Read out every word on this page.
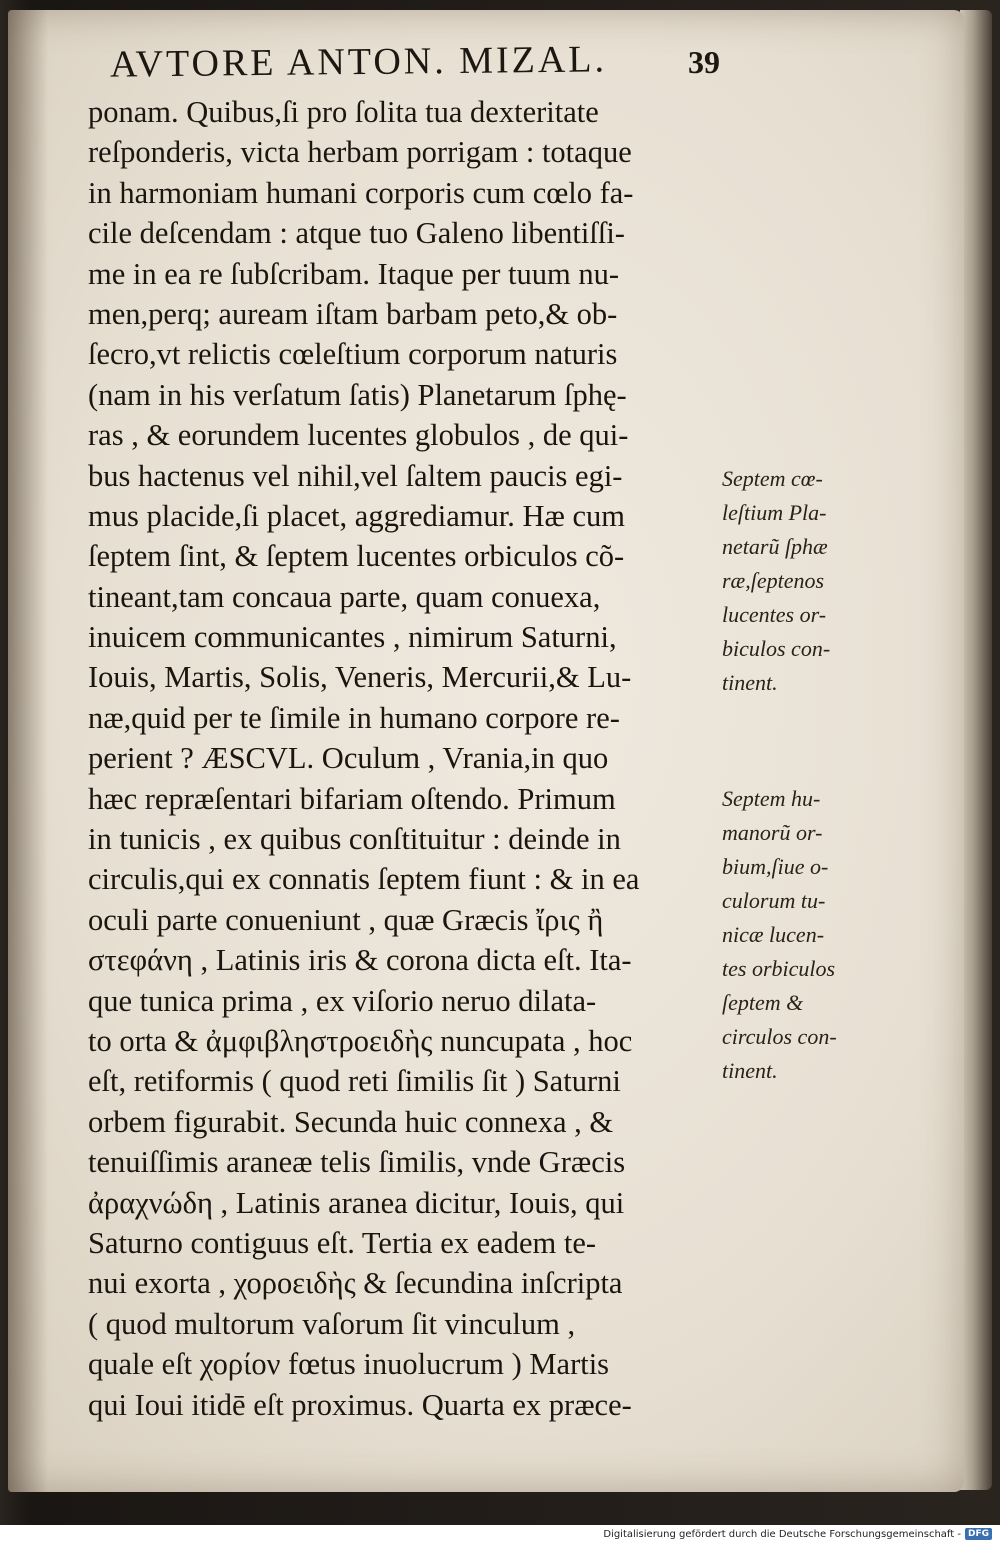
AVTORE ANTON. MIZAL.	39
ponam. Quibus,ſi pro ſolita tua dexteritate
reſponderis, victa herbam porrigam : totaque
in harmoniam humani corporis cum cœlo fa-
cile deſcendam : atque tuo Galeno libentiſſi-
me in ea re ſubſcribam. Itaque per tuum nu-
men,perq; auream iſtam barbam peto,& ob-
ſecro,vt relictis cœleſtium corporum naturis
(nam in his verſatum ſatis) Planetarum ſphę-
ras , & eorundem lucentes globulos , de qui-
bus hactenus vel nihil,vel ſaltem paucis egi-
mus placide,ſi placet, aggrediamur. Hæ cum
ſeptem ſint, & ſeptem lucentes orbiculos cõ-
tineant,tam concaua parte, quam conuexa,
inuicem communicantes , nimirum Saturni,
Iouis, Martis, Solis, Veneris, Mercurii,& Lu-
næ,quid per te ſimile in humano corpore re-
perient ? ÆSCVL. Oculum , Vrania,in quo
hæc repræſentari bifariam oſtendo. Primum
in tunicis , ex quibus conſtituitur : deinde in
circulis,qui ex connatis ſeptem fiunt : & in ea
oculi parte conueniunt , quæ Græcis ἴρις ἢ
στεφάνη , Latinis iris & corona dicta eſt. Ita-
que tunica prima , ex viſorio neruo dilata-
to orta & ἀμφιβληστροειδὴς nuncupata , hoc
eſt, retiformis ( quod reti ſimilis ſit ) Saturni
orbem figurabit. Secunda huic connexa , &
tenuiſſimis araneæ telis ſimilis, vnde Græcis
ἀραχνώδη , Latinis aranea dicitur, Iouis, qui
Saturno contiguus eſt. Tertia ex eadem te-
nui exorta , χοροειδὴς & ſecundina inſcripta
( quod multorum vaſorum ſit vinculum ,
quale eſt χορίον fœtus inuolucrum ) Martis
qui Ioui itidē eſt proximus. Quarta ex præce-
Septem cœ-
leſtium Pla-
netarũ ſphæ
ræ,ſeptenos
lucentes or-
biculos con-
tinent.
Septem hu-
manorũ or-
bium,ſiue o-
culorum tu-
nicæ lucen-
tes orbiculos
ſeptem &
circulos con-
tinent.
Digitalisierung gefördert durch die Deutsche Forschungsgemeinschaft - DFG
